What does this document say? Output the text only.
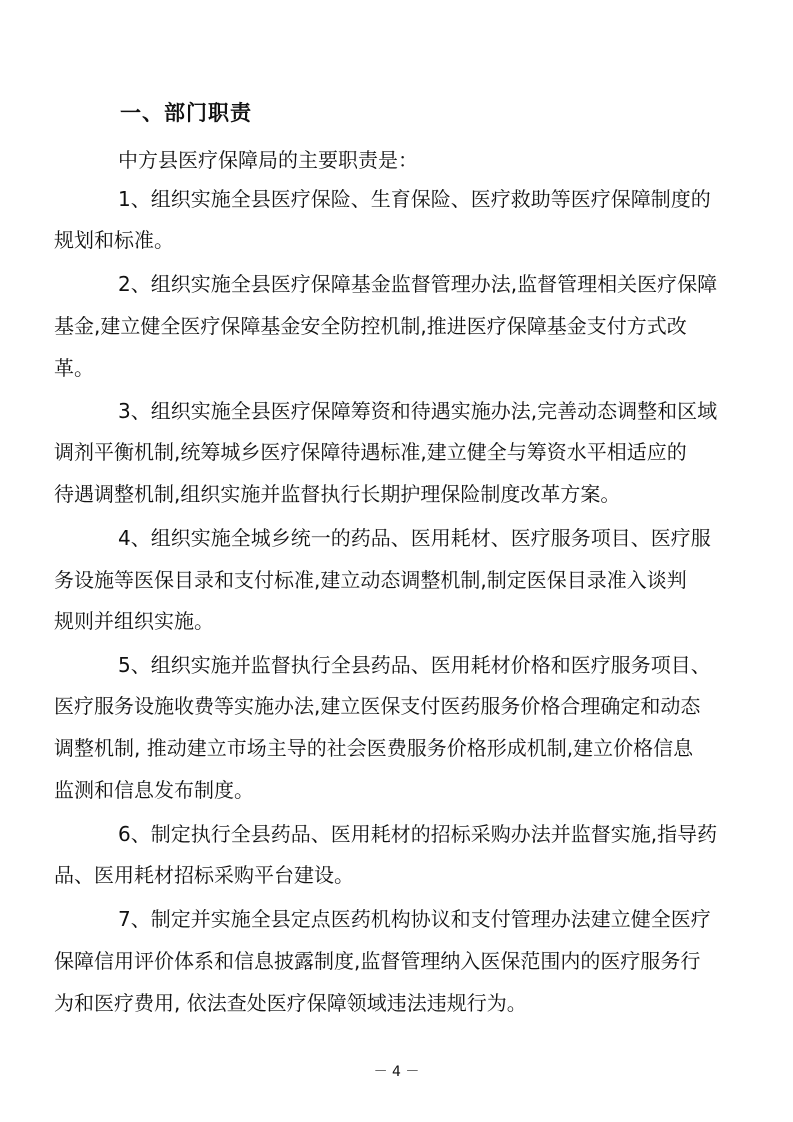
一、部门职责

中方县医疗保障局的主要职责是：

1、组织实施全县医疗保险、生育保险、医疗救助等医疗保障制度的

规划和标准。

2、组织实施全县医疗保障基金监督管理办法,监督管理相关医疗保障

基金,建立健全医疗保障基金安全防控机制,推进医疗保障基金支付方式改

革。

3、组织实施全县医疗保障筹资和待遇实施办法,完善动态调整和区域

调剂平衡机制,统筹城乡医疗保障待遇标准,建立健全与筹资水平相适应的

待遇调整机制,组织实施并监督执行长期护理保险制度改革方案。

4、组织实施全城乡统一的药品、医用耗材、医疗服务项目、医疗服

务设施等医保目录和支付标准,建立动态调整机制,制定医保目录准入谈判

规则并组织实施。

5、组织实施并监督执行全县药品、医用耗材价格和医疗服务项目、

医疗服务设施收费等实施办法,建立医保支付医药服务价格合理确定和动态

调整机制, 推动建立市场主导的社会医费服务价格形成机制,建立价格信息

监测和信息发布制度。

6、制定执行全县药品、医用耗材的招标采购办法并监督实施,指导药

品、医用耗材招标采购平台建设。

7、制定并实施全县定点医药机构协议和支付管理办法建立健全医疗

保障信用评价体系和信息披露制度,监督管理纳入医保范围内的医疗服务行

为和医疗费用, 依法查处医疗保障领域违法违规行为。

－ 4 －
